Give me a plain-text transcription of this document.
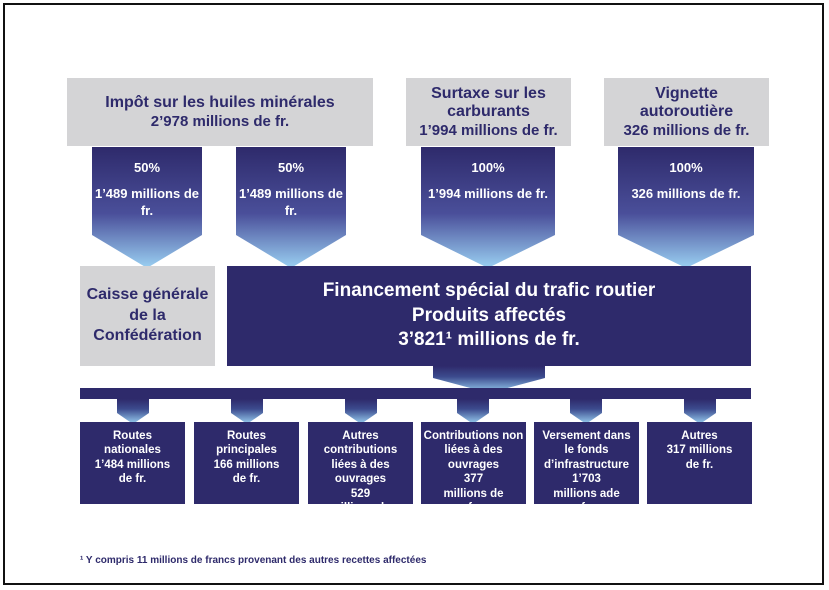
Impôt sur les huiles minérales
2’978 millions de fr.
Surtaxe sur les
carburants
1’994 millions de fr.
Vignette
autoroutière
326 millions de fr.
50%
1’489 millions de fr.
50%
1’489 millions de fr.
100%
1’994 millions de fr.
100%
326 millions de fr.
Caisse générale de la Confédération
Financement spécial du trafic routier
Produits affectés
3’821¹ millions de fr.
Routes nationales
1’484 millions de fr.
Routes principales
166 millions de fr.
Autres contributions liées à des ouvrages
529 millions de fr.
Contributions non liées à des ouvrages
377 millions de fr.
Versement dans le fonds d’infrastructure
1’703 millions ade fr.
Autres
317 millions de fr.
¹ Y compris 11 millions de francs provenant des autres recettes affectées
